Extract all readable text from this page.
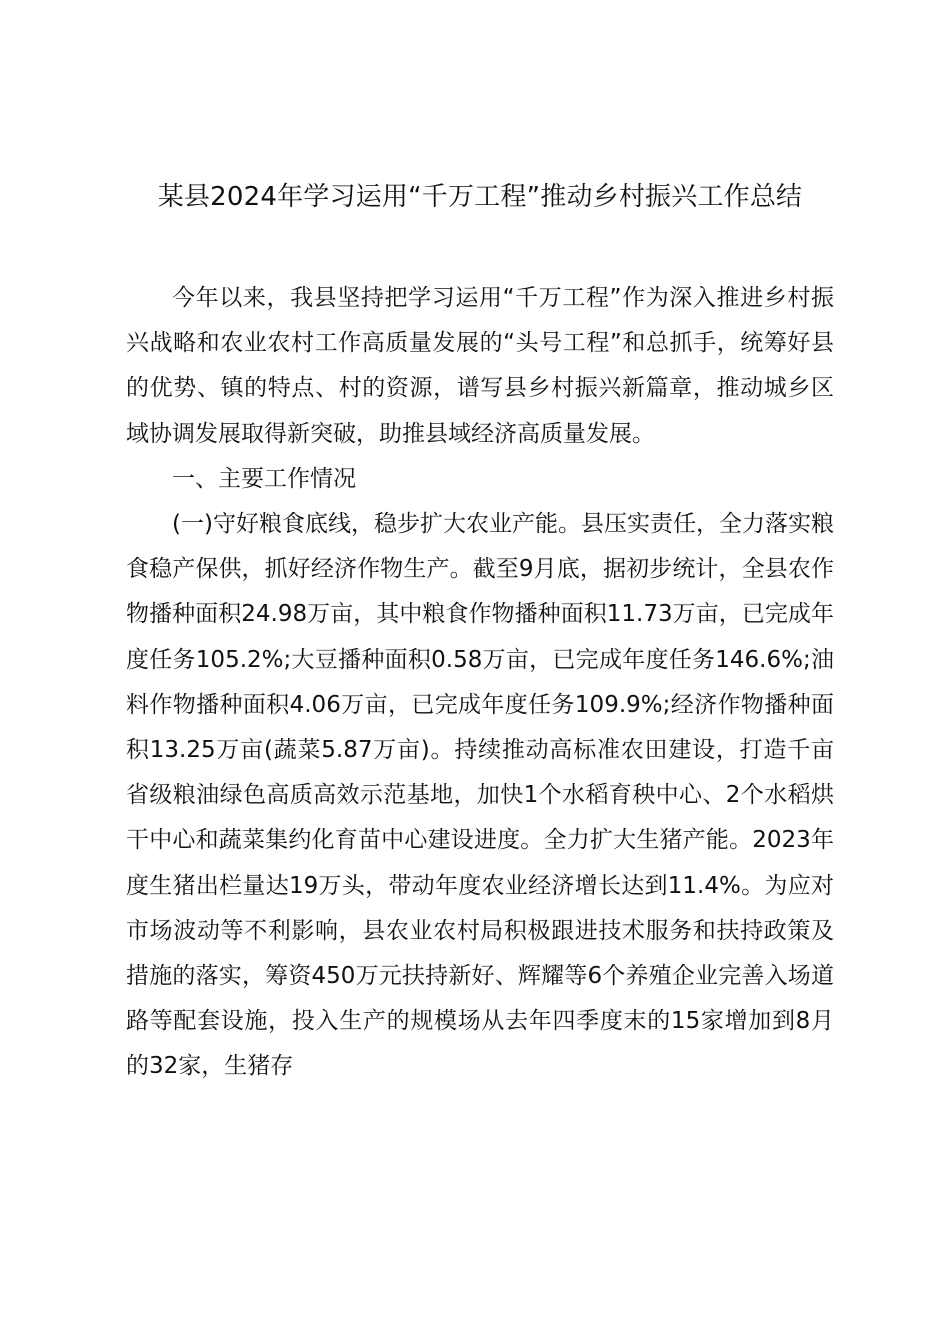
某县2024年学习运用“千万工程”推动乡村振兴工作总结

今年以来，我县坚持把学习运用“千万工程”作为深入推进乡村振兴战略和农业农村工作高质量发展的“头号工程”和总抓手，统筹好县的优势、镇的特点、村的资源，谱写县乡村振兴新篇章，推动城乡区域协调发展取得新突破，助推县域经济高质量发展。

一、主要工作情况

(一)守好粮食底线，稳步扩大农业产能。县压实责任，全力落实粮食稳产保供，抓好经济作物生产。截至9月底，据初步统计，全县农作物播种面积24.98万亩，其中粮食作物播种面积11.73万亩，已完成年度任务105.2%;大豆播种面积0.58万亩，已完成年度任务146.6%;油料作物播种面积4.06万亩，已完成年度任务109.9%;经济作物播种面积13.25万亩(蔬菜5.87万亩)。持续推动高标准农田建设，打造千亩省级粮油绿色高质高效示范基地，加快1个水稻育秧中心、2个水稻烘干中心和蔬菜集约化育苗中心建设进度。全力扩大生猪产能。2023年度生猪出栏量达19万头，带动年度农业经济增长达到11.4%。为应对市场波动等不利影响，县农业农村局积极跟进技术服务和扶持政策及措施的落实，筹资450万元扶持新好、辉耀等6个养殖企业完善入场道路等配套设施，投入生产的规模场从去年四季度末的15家增加到8月的32家，生猪存
